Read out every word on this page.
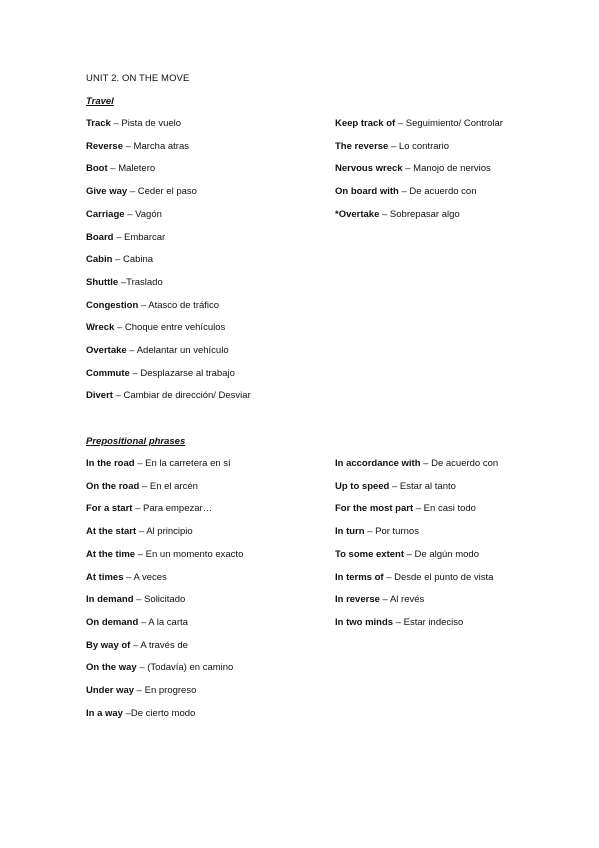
UNIT 2. ON THE MOVE
Travel
Track – Pista de vuelo
Reverse – Marcha atras
Boot – Maletero
Give way – Ceder el paso
Carriage – Vagón
Board – Embarcar
Cabin – Cabina
Shuttle –Traslado
Congestion – Atasco de tráfico
Wreck – Choque entre vehículos
Overtake – Adelantar un vehículo
Commute – Desplazarse al trabajo
Divert – Cambiar de dirección/ Desviar
Keep track of – Seguimiento/ Controlar
The reverse – Lo contrario
Nervous wreck – Manojo de nervios
On board with – De acuerdo con
*Overtake – Sobrepasar algo
Prepositional phrases
In the road – En la carretera en sí
On the road – En el arcén
For a start – Para empezar…
At the start – Al principio
At the time – En un momento exacto
At times – A veces
In demand – Solicitado
On demand – A la carta
By way of – A través de
On the way – (Todavía) en camino
Under way – En progreso
In a way –De cierto modo
In accordance with – De acuerdo con
Up to speed – Estar al tanto
For the most part – En casi todo
In turn – Por turnos
To some extent – De algún modo
In terms of – Desde el punto de vista
In reverse – Al revés
In two minds – Estar indeciso
